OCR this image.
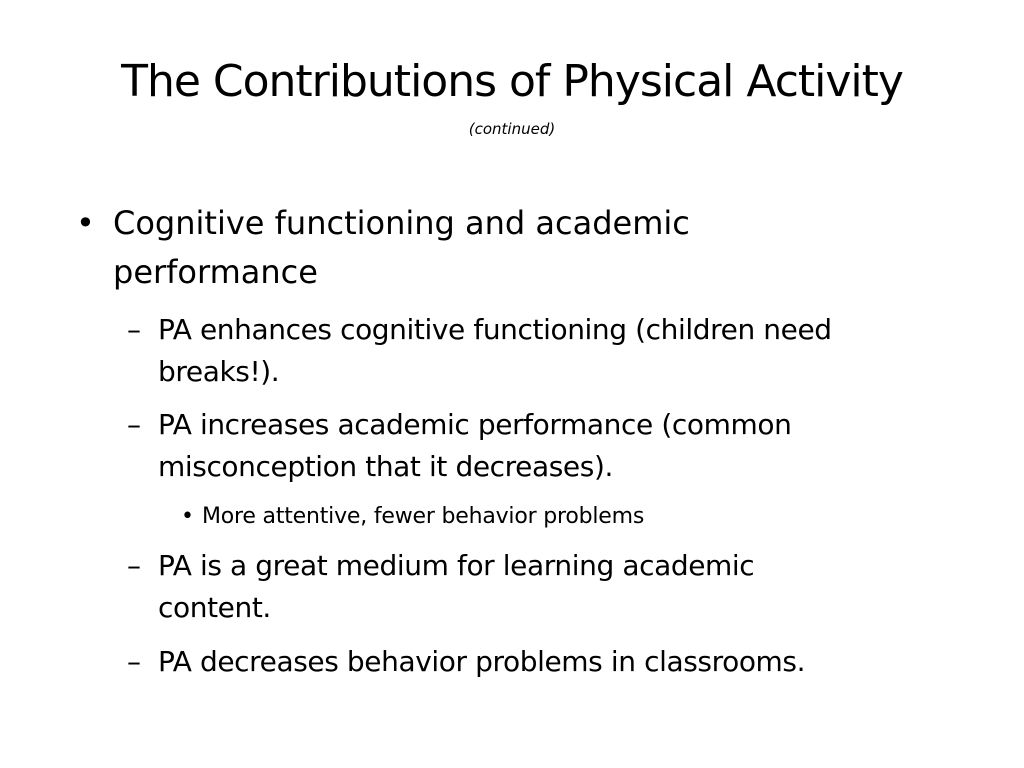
The Contributions of Physical Activity
(continued)
• Cognitive functioning and academic
performance
– PA enhances cognitive functioning (children need
breaks!).
– PA increases academic performance (common
misconception that it decreases).
• More attentive, fewer behavior problems
– PA is a great medium for learning academic
content.
– PA decreases behavior problems in classrooms.
